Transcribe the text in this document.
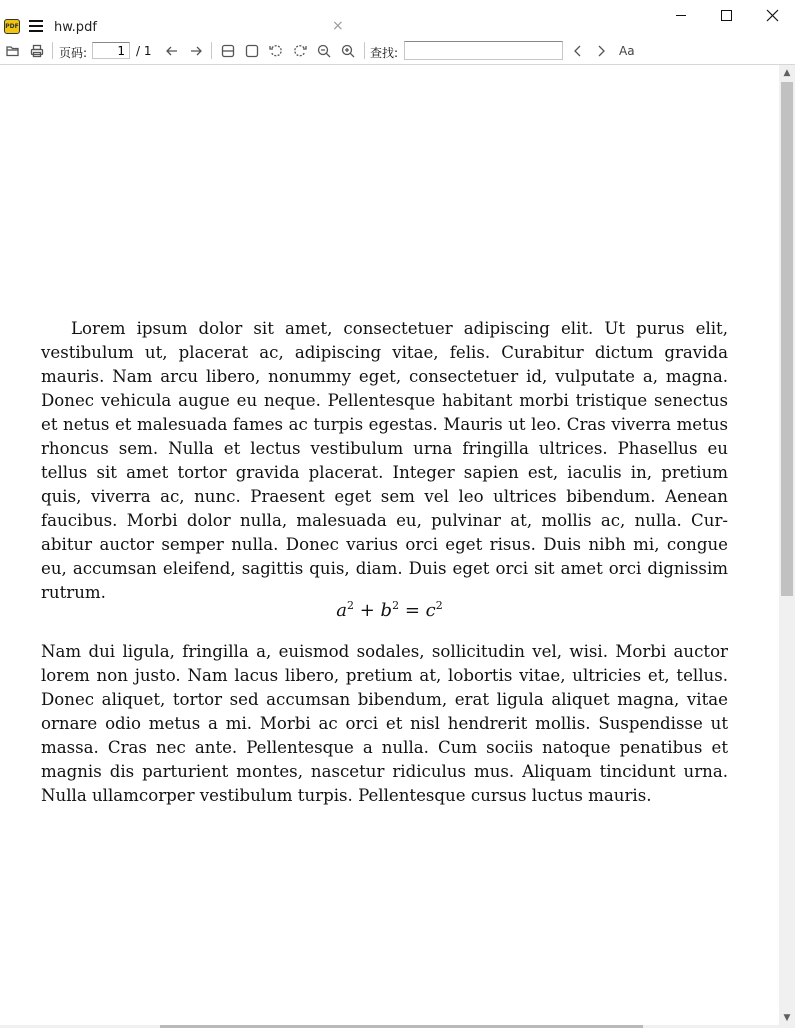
PDF	hw.pdf	×
页码:
1	/ 1	查找:	Aa

Lorem ipsum dolor sit amet, consectetuer adipiscing elit. Ut purus elit, vestibulum ut, placerat ac, adipiscing vitae, felis. Curabitur dictum gravida mauris. Nam arcu libero, nonummy eget, consectetuer id, vulputate a, magna. Donec vehicula augue eu neque. Pellentesque habitant morbi tristique senectus et netus et malesuada fames ac turpis egestas. Mauris ut leo. Cras viverra metus rhoncus sem. Nulla et lectus vestibulum urna fringilla ultrices. Phasellus eu tellus sit amet tortor gravida placerat. Integer sapien est, iaculis in, pretium quis, viverra ac, nunc. Praesent eget sem vel leo ultrices bibendum. Aenean faucibus. Morbi dolor nulla, malesuada eu, pulvinar at, mollis ac, nulla. Curabitur auctor semper nulla. Donec varius orci eget risus. Duis nibh mi, congue eu, accumsan eleifend, sagittis quis, diam. Duis eget orci sit amet orci dignissim rutrum.

$a^2 + b^2 = c^2$

Nam dui ligula, fringilla a, euismod sodales, sollicitudin vel, wisi. Morbi auctor lorem non justo. Nam lacus libero, pretium at, lobortis vitae, ultricies et, tellus. Donec aliquet, tortor sed accumsan bibendum, erat ligula aliquet magna, vitae ornare odio metus a mi. Morbi ac orci et nisl hendrerit mollis. Suspendisse ut massa. Cras nec ante. Pellentesque a nulla. Cum sociis natoque penatibus et magnis dis parturient montes, nascetur ridiculus mus. Aliquam tincidunt urna. Nulla ullamcorper vestibulum turpis. Pellentesque cursus luctus mauris.

▲
▼
